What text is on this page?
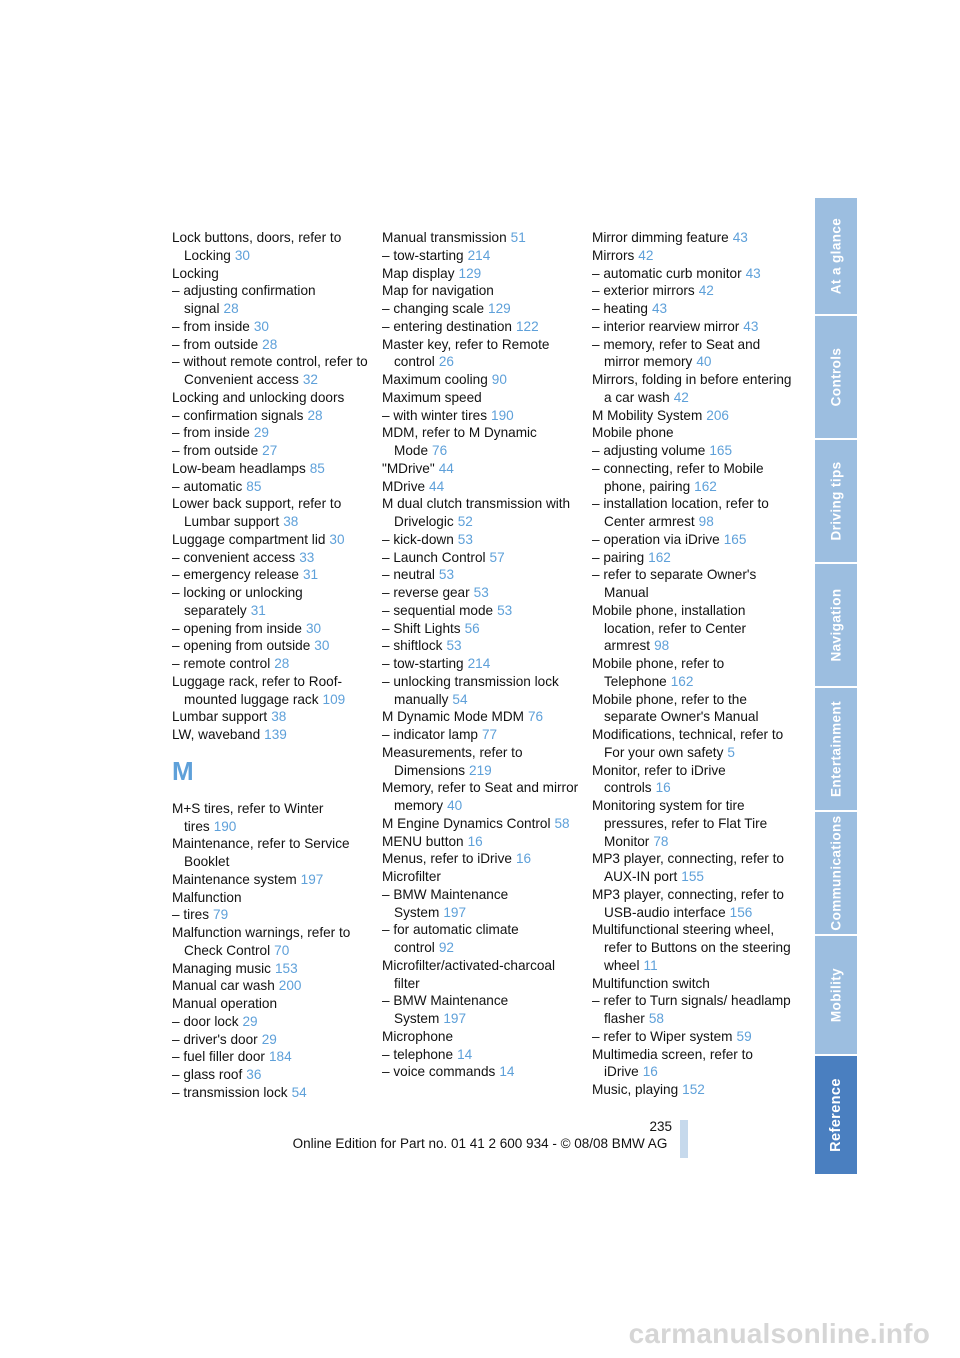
Lock buttons, doors, refer to Locking 30

Locking

– adjusting confirmation signal 28

– from inside 30

– from outside 28

– without remote control, refer to Convenient access 32

Locking and unlocking doors

– confirmation signals 28

– from inside 29

– from outside 27

Low-beam headlamps 85

– automatic 85

Lower back support, refer to Lumbar support 38

Luggage compartment lid 30

– convenient access 33

– emergency release 31

– locking or unlocking separately 31

– opening from inside 30

– opening from outside 30

– remote control 28

Luggage rack, refer to Roof-mounted luggage rack 109

Lumbar support 38

LW, waveband 139

M

M+S tires, refer to Winter tires 190

Maintenance, refer to Service Booklet

Maintenance system 197

Malfunction

– tires 79

Malfunction warnings, refer to Check Control 70

Managing music 153

Manual car wash 200

Manual operation

– door lock 29

– driver's door 29

– fuel filler door 184

– glass roof 36

– transmission lock 54

Manual transmission 51

– tow-starting 214

Map display 129

Map for navigation

– changing scale 129

– entering destination 122

Master key, refer to Remote control 26

Maximum cooling 90

Maximum speed

– with winter tires 190

MDM, refer to M Dynamic Mode 76

"MDrive" 44

MDrive 44

M dual clutch transmission with Drivelogic 52

– kick-down 53

– Launch Control 57

– neutral 53

– reverse gear 53

– sequential mode 53

– Shift Lights 56

– shiftlock 53

– tow-starting 214

– unlocking transmission lock manually 54

M Dynamic Mode MDM 76

– indicator lamp 77

Measurements, refer to Dimensions 219

Memory, refer to Seat and mirror memory 40

M Engine Dynamics Control 58

MENU button 16

Menus, refer to iDrive 16

Microfilter

– BMW Maintenance System 197

– for automatic climate control 92

Microfilter/activated-charcoal filter

– BMW Maintenance System 197

Microphone

– telephone 14

– voice commands 14

Mirror dimming feature 43

Mirrors 42

– automatic curb monitor 43

– exterior mirrors 42

– heating 43

– interior rearview mirror 43

– memory, refer to Seat and mirror memory 40

Mirrors, folding in before entering a car wash 42

M Mobility System 206

Mobile phone

– adjusting volume 165

– connecting, refer to Mobile phone, pairing 162

– installation location, refer to Center armrest 98

– operation via iDrive 165

– pairing 162

– refer to separate Owner's Manual

Mobile phone, installation location, refer to Center armrest 98

Mobile phone, refer to Telephone 162

Mobile phone, refer to the separate Owner's Manual

Modifications, technical, refer to For your own safety 5

Monitor, refer to iDrive controls 16

Monitoring system for tire pressures, refer to Flat Tire Monitor 78

MP3 player, connecting, refer to AUX-IN port 155

MP3 player, connecting, refer to USB-audio interface 156

Multifunctional steering wheel, refer to Buttons on the steering wheel 11

Multifunction switch

– refer to Turn signals/ headlamp flasher 58

– refer to Wiper system 59

Multimedia screen, refer to iDrive 16

Music, playing 152

At a glance
Controls
Driving tips
Navigation
Entertainment
Communications
Mobility
Reference
235
Online Edition for Part no. 01 41 2 600 934 - © 08/08 BMW AG
carmanualsonline.info
